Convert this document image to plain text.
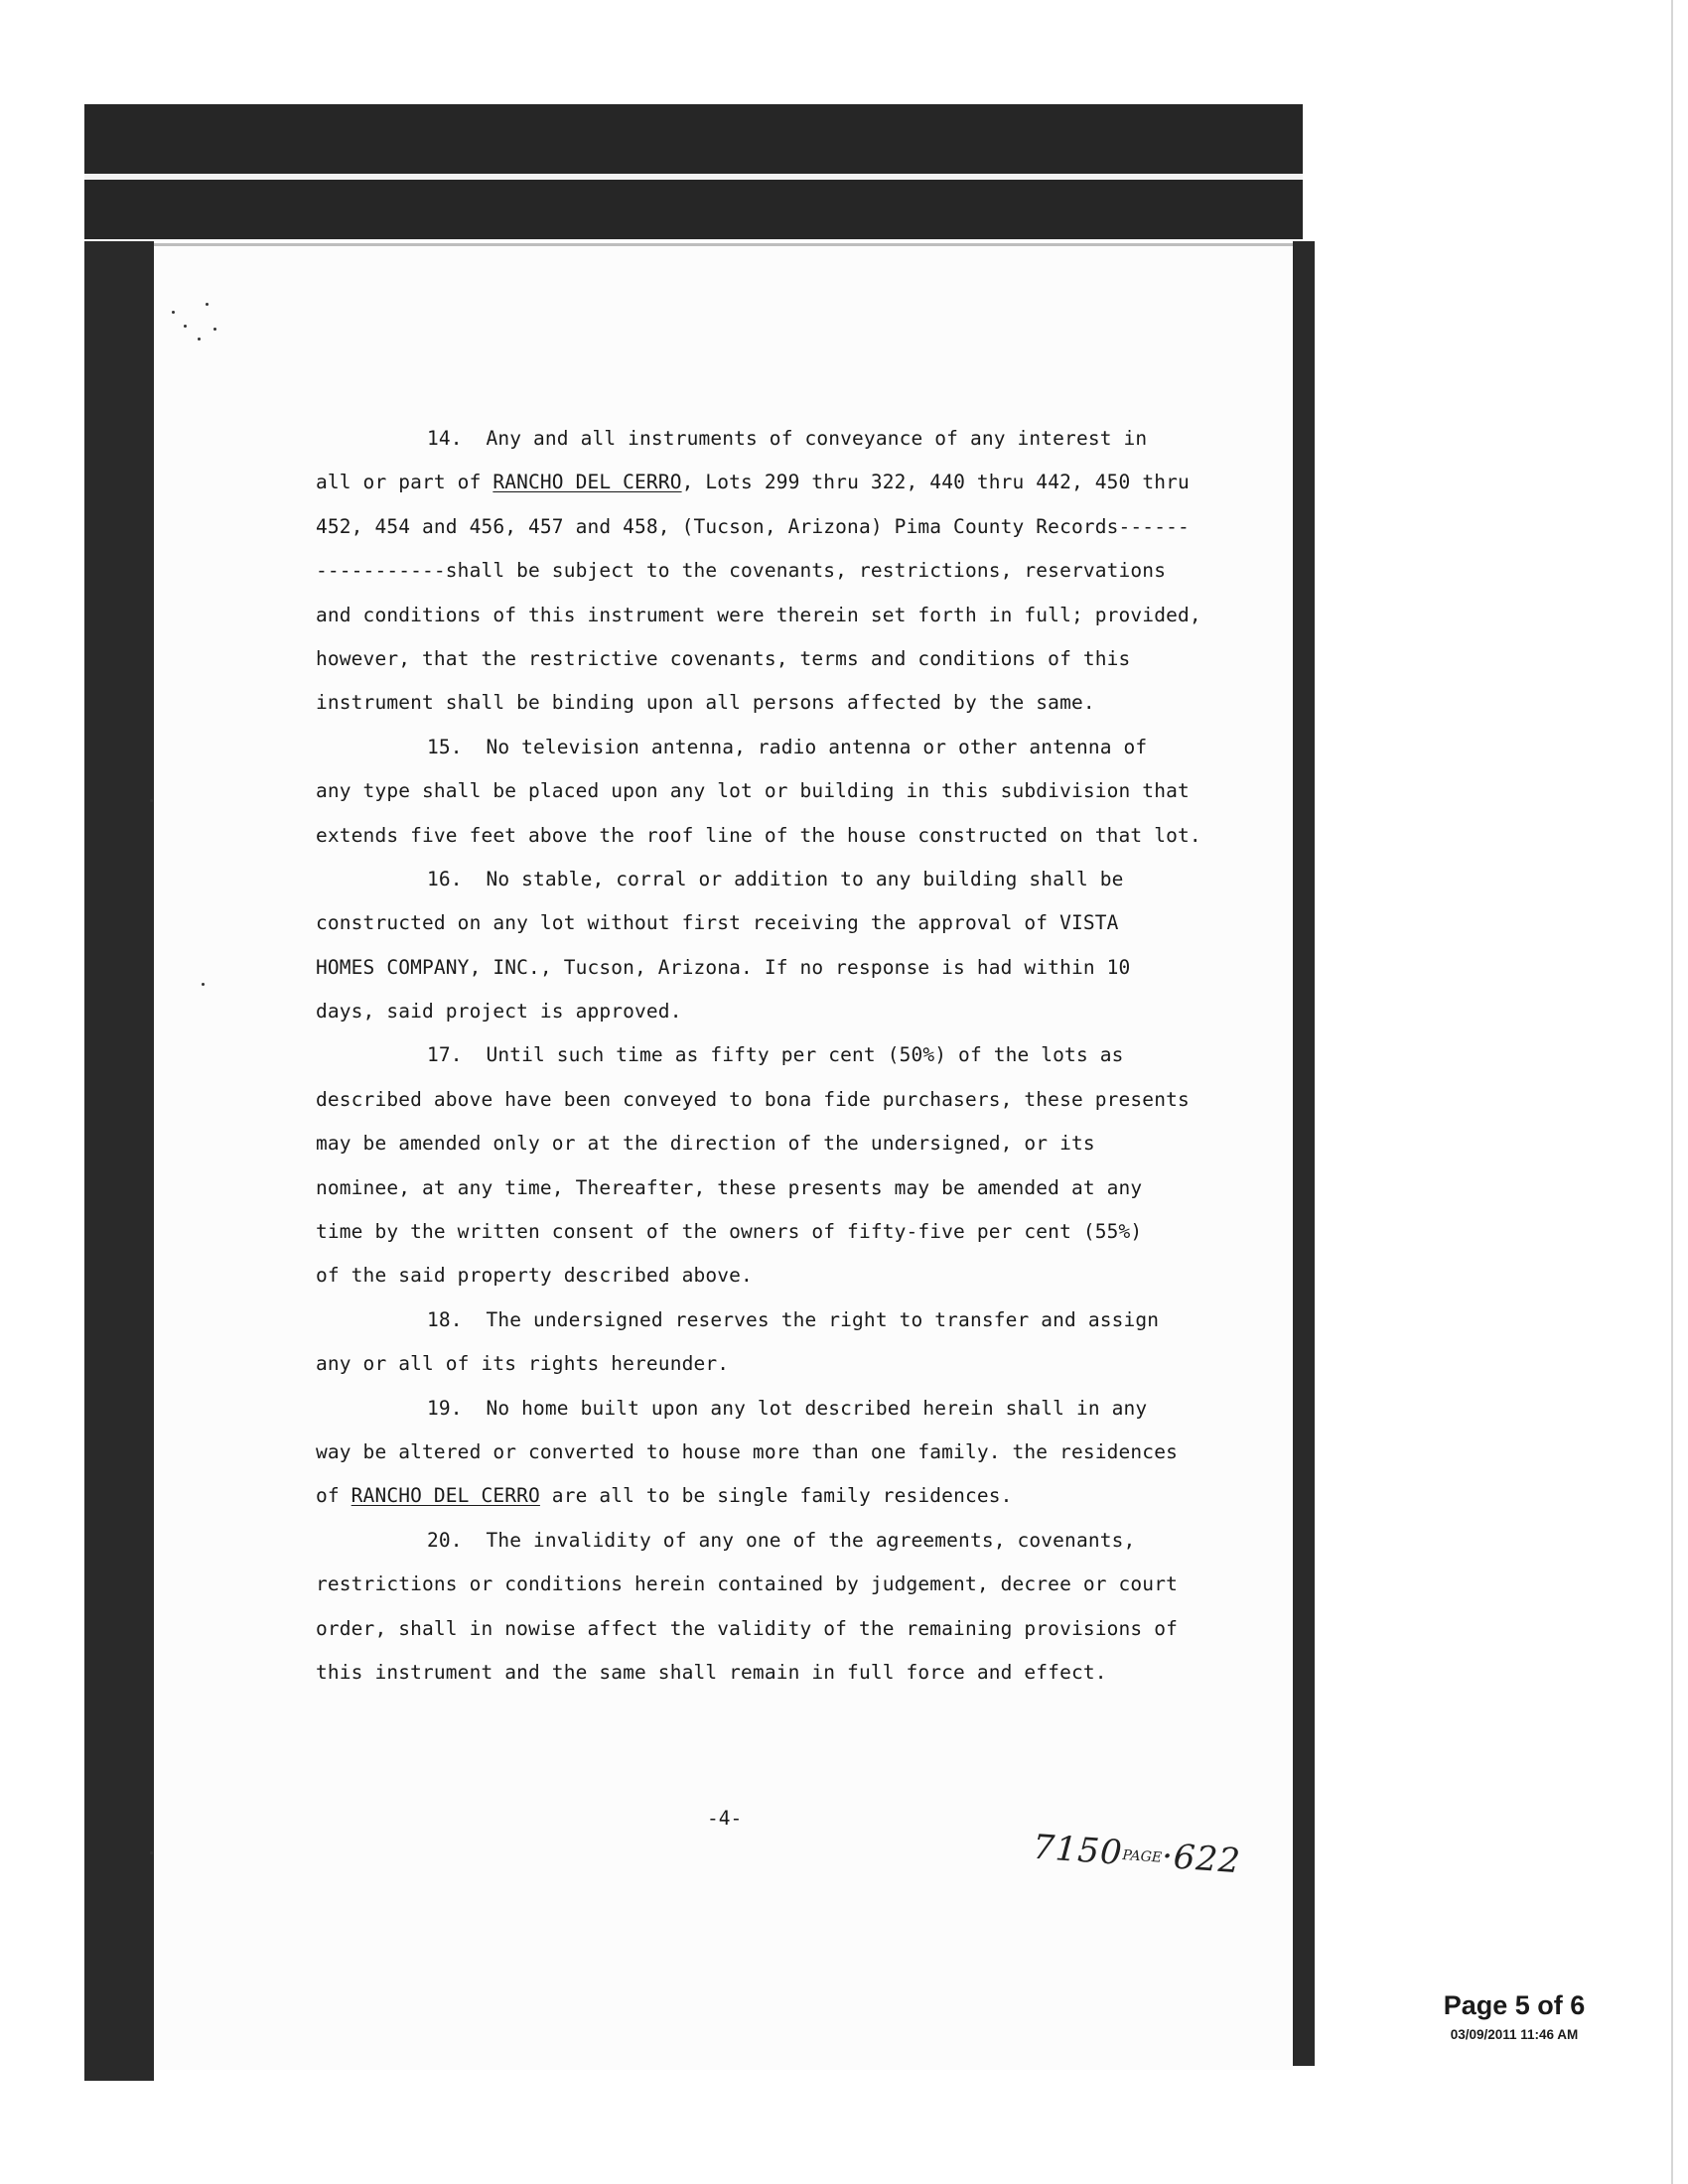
14.  Any and all instruments of conveyance of any interest in
all or part of RANCHO DEL CERRO, Lots 299 thru 322, 440 thru 442, 450 thru
452, 454 and 456, 457 and 458, (Tucson, Arizona) Pima County Records------
-----------shall be subject to the covenants, restrictions, reservations
and conditions of this instrument were therein set forth in full; provided,
however, that the restrictive covenants, terms and conditions of this
instrument shall be binding upon all persons affected by the same.
15.  No television antenna, radio antenna or other antenna of
any type shall be placed upon any lot or building in this subdivision that
extends five feet above the roof line of the house constructed on that lot.
16.  No stable, corral or addition to any building shall be
constructed on any lot without first receiving the approval of VISTA
HOMES COMPANY, INC., Tucson, Arizona. If no response is had within 10
days, said project is approved.
17.  Until such time as fifty per cent (50%) of the lots as
described above have been conveyed to bona fide purchasers, these presents
may be amended only or at the direction of the undersigned, or its
nominee, at any time, Thereafter, these presents may be amended at any
time by the written consent of the owners of fifty-five per cent (55%)
of the said property described above.
18.  The undersigned reserves the right to transfer and assign
any or all of its rights hereunder.
19.  No home built upon any lot described herein shall in any
way be altered or converted to house more than one family. the residences
of RANCHO DEL CERRO are all to be single family residences.
20.  The invalidity of any one of the agreements, covenants,
restrictions or conditions herein contained by judgement, decree or court
order, shall in nowise affect the validity of the remaining provisions of
this instrument and the same shall remain in full force and effect.
-4-
7150PAGE·622
Page 5 of 6
03/09/2011 11:46 AM
